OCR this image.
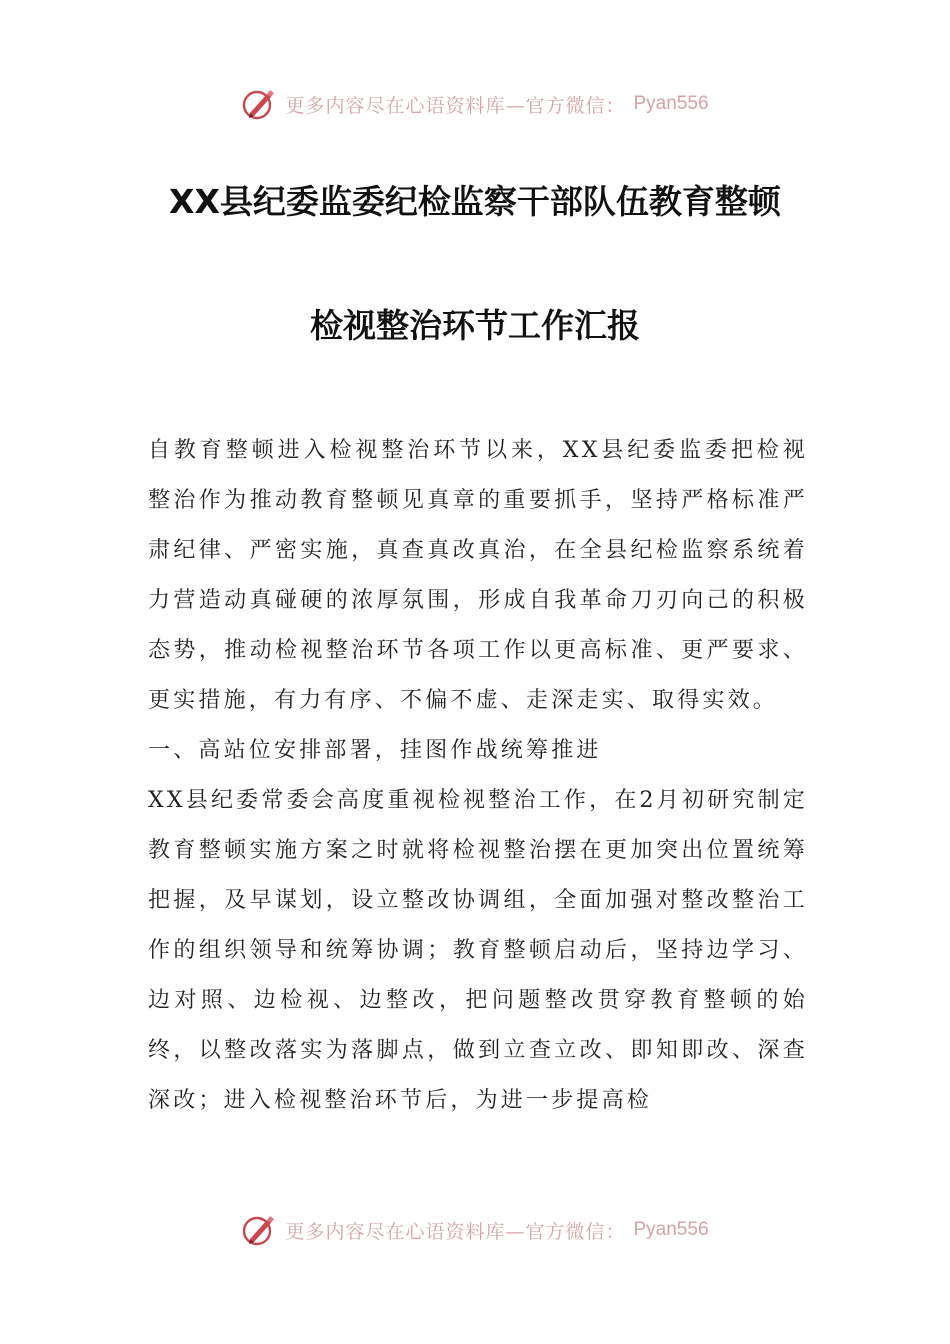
更多内容尽在心语资料库—官方微信： Pyan556
XX县纪委监委纪检监察干部队伍教育整顿
检视整治环节工作汇报

自教育整顿进入检视整治环节以来，XX县纪委监委把检视整治作为推动教育整顿见真章的重要抓手，坚持严格标准严肃纪律、严密实施，真查真改真治，在全县纪检监察系统着力营造动真碰硬的浓厚氛围，形成自我革命刀刃向己的积极态势，推动检视整治环节各项工作以更高标准、更严要求、更实措施，有力有序、不偏不虚、走深走实、取得实效。

一、高站位安排部署，挂图作战统筹推进

XX县纪委常委会高度重视检视整治工作，在2月初研究制定教育整顿实施方案之时就将检视整治摆在更加突出位置统筹把握，及早谋划，设立整改协调组，全面加强对整改整治工作的组织领导和统筹协调；教育整顿启动后，坚持边学习、边对照、边检视、边整改，把问题整改贯穿教育整顿的始终，以整改落实为落脚点，做到立查立改、即知即改、深查深改；进入检视整治环节后，为进一步提高检

更多内容尽在心语资料库—官方微信： Pyan556
